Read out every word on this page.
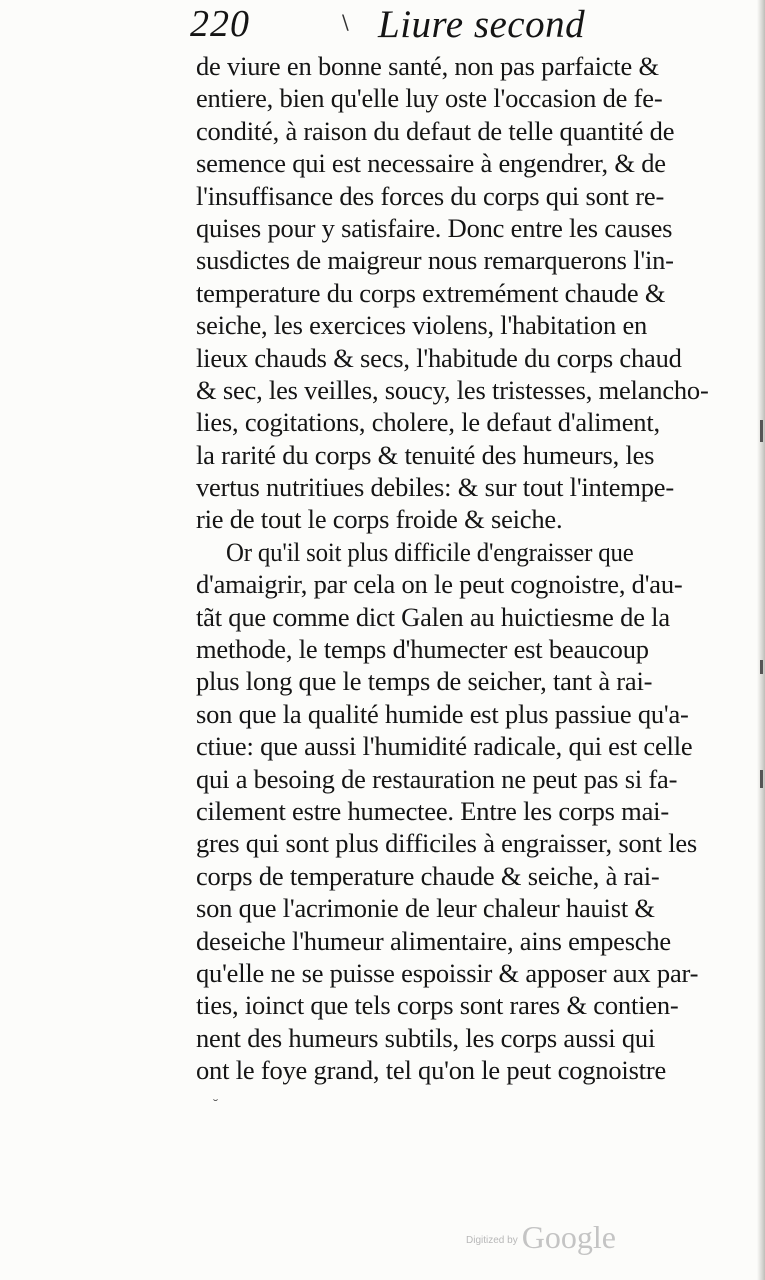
220	\ Liure second
de viure en bonne santé, non pas parfaicte &
entiere, bien qu'elle luy oste l'occasion de fe-
condité, à raison du defaut de telle quantité de
semence qui est necessaire à engendrer, & de
l'insuffisance des forces du corps qui sont re-
quises pour y satisfaire. Donc entre les causes
susdictes de maigreur nous remarquerons l'in-
temperature du corps extremément chaude &
seiche, les exercices violens, l'habitation en
lieux chauds & secs, l'habitude du corps chaud
& sec, les veilles, soucy, les tristesses, melancho-
lies, cogitations, cholere, le defaut d'aliment,
la rarité du corps & tenuité des humeurs, les
vertus nutritiues debiles: & sur tout l'intempe-
rie de tout le corps froide & seiche.
Or qu'il soit plus difficile d'engraisser que
d'amaigrir, par cela on le peut cognoistre, d'au-
tãt que comme dict Galen au huictiesme de la
methode, le temps d'humecter est beaucoup
plus long que le temps de seicher, tant à rai-
son que la qualité humide est plus passiue qu'a-
ctiue: que aussi l'humidité radicale, qui est celle
qui a besoing de restauration ne peut pas si fa-
cilement estre humectee. Entre les corps mai-
gres qui sont plus difficiles à engraisser, sont les
corps de temperature chaude & seiche, à rai-
son que l'acrimonie de leur chaleur hauist &
deseiche l'humeur alimentaire, ains empesche
qu'elle ne se puisse espoissir & apposer aux par-
ties, ioinct que tels corps sont rares & contien-
nent des humeurs subtils, les corps aussi qui
ont le foye grand, tel qu'on le peut cognoistre
˘
Digitized by Google
